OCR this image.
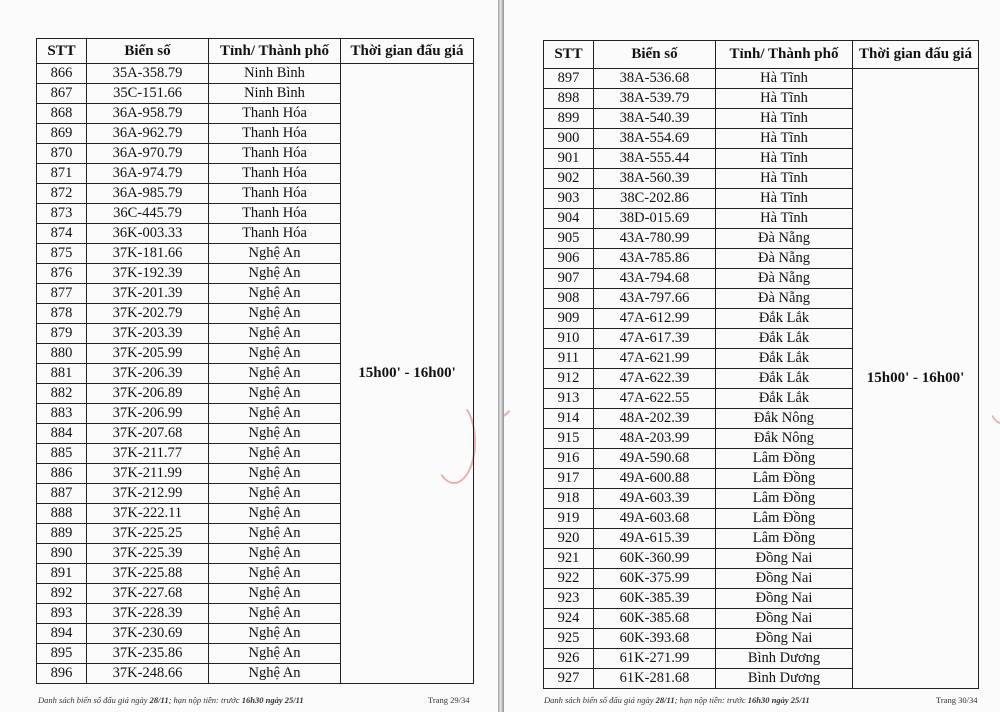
STT	Biển số	Tỉnh/ Thành phố	Thời gian đấu giá
866	35A-358.79	Ninh Bình	15h00' - 16h00'
867	35C-151.66	Ninh Bình	
868	36A-958.79	Thanh Hóa	
869	36A-962.79	Thanh Hóa	
870	36A-970.79	Thanh Hóa	
871	36A-974.79	Thanh Hóa	
872	36A-985.79	Thanh Hóa	
873	36C-445.79	Thanh Hóa	
874	36K-003.33	Thanh Hóa	
875	37K-181.66	Nghệ An	
876	37K-192.39	Nghệ An	
877	37K-201.39	Nghệ An	
878	37K-202.79	Nghệ An	
879	37K-203.39	Nghệ An	
880	37K-205.99	Nghệ An	
881	37K-206.39	Nghệ An	
882	37K-206.89	Nghệ An	
883	37K-206.99	Nghệ An	
884	37K-207.68	Nghệ An	
885	37K-211.77	Nghệ An	
886	37K-211.99	Nghệ An	
887	37K-212.99	Nghệ An	
888	37K-222.11	Nghệ An	
889	37K-225.25	Nghệ An	
890	37K-225.39	Nghệ An	
891	37K-225.88	Nghệ An	
892	37K-227.68	Nghệ An	
893	37K-228.39	Nghệ An	
894	37K-230.69	Nghệ An	
895	37K-235.86	Nghệ An	
896	37K-248.66	Nghệ An	
Danh sách biển số đấu giá ngày 28/11; hạn nộp tiền: trước 16h30 ngày 25/11	Trang 29/34
STT	Biển số	Tỉnh/ Thành phố	Thời gian đấu giá
897	38A-536.68	Hà Tĩnh	15h00' - 16h00'
898	38A-539.79	Hà Tĩnh	
899	38A-540.39	Hà Tĩnh	
900	38A-554.69	Hà Tĩnh	
901	38A-555.44	Hà Tĩnh	
902	38A-560.39	Hà Tĩnh	
903	38C-202.86	Hà Tĩnh	
904	38D-015.69	Hà Tĩnh	
905	43A-780.99	Đà Nẵng	
906	43A-785.86	Đà Nẵng	
907	43A-794.68	Đà Nẵng	
908	43A-797.66	Đà Nẵng	
909	47A-612.99	Đắk Lắk	
910	47A-617.39	Đắk Lắk	
911	47A-621.99	Đắk Lắk	
912	47A-622.39	Đắk Lắk	
913	47A-622.55	Đắk Lắk	
914	48A-202.39	Đắk Nông	
915	48A-203.99	Đắk Nông	
916	49A-590.68	Lâm Đồng	
917	49A-600.88	Lâm Đồng	
918	49A-603.39	Lâm Đồng	
919	49A-603.68	Lâm Đồng	
920	49A-615.39	Lâm Đồng	
921	60K-360.99	Đồng Nai	
922	60K-375.99	Đồng Nai	
923	60K-385.39	Đồng Nai	
924	60K-385.68	Đồng Nai	
925	60K-393.68	Đồng Nai	
926	61K-271.99	Bình Dương	
927	61K-281.68	Bình Dương	
Danh sách biển số đấu giá ngày 28/11; hạn nộp tiền: trước 16h30 ngày 25/11	Trang 30/34
